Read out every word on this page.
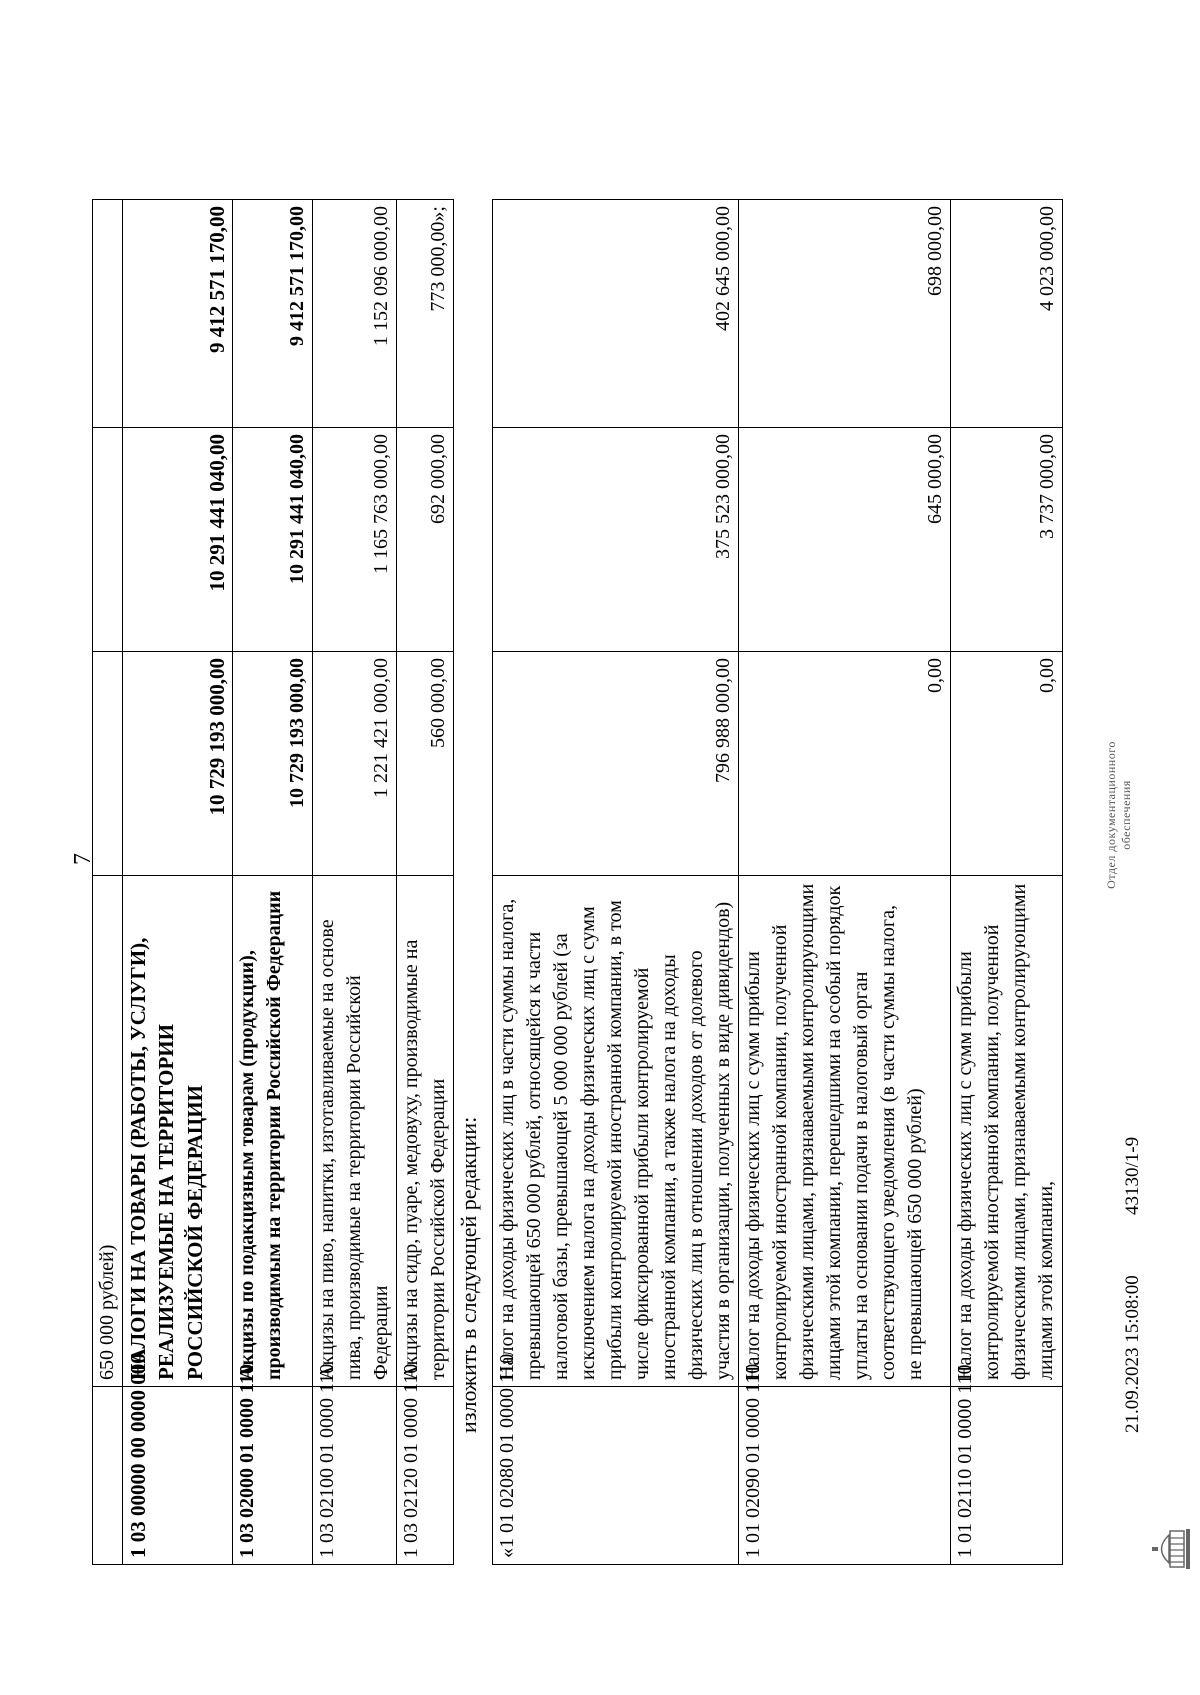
7
	650 000 рублей)			
1 03 00000 00 0000 000	НАЛОГИ НА ТОВАРЫ (РАБОТЫ, УСЛУГИ), РЕАЛИЗУЕМЫЕ НА ТЕРРИТОРИИ РОССИЙСКОЙ ФЕДЕРАЦИИ	10 729 193 000,00	10 291 441 040,00	9 412 571 170,00
1 03 02000 01 0000 110	Акцизы по подакцизным товарам (продукции), производимым на территории Российской Федерации	10 729 193 000,00	10 291 441 040,00	9 412 571 170,00
1 03 02100 01 0000 110	Акцизы на пиво, напитки, изготавливаемые на основе пива, производимые на территории Российской Федерации	1 221 421 000,00	1 165 763 000,00	1 152 096 000,00
1 03 02120 01 0000 110	Акцизы на сидр, пуаре, медовуху, производимые на территории Российской Федерации	560 000,00	692 000,00	773 000,00»;
изложить в следующей редакции:
«1 01 02080 01 0000 110	Налог на доходы физических лиц в части суммы налога, превышающей 650 000 рублей, относящейся к части налоговой базы, превышающей 5 000 000 рублей (за исключением налога на доходы физических лиц с сумм прибыли контролируемой иностранной компании, в том числе фиксированной прибыли контролируемой иностранной компании, а также налога на доходы физических лиц в отношении доходов от долевого участия в организации, полученных в виде дивидендов)	796 988 000,00	375 523 000,00	402 645 000,00
1 01 02090 01 0000 110	Налог на доходы физических лиц с сумм прибыли контролируемой иностранной компании, полученной физическими лицами, признаваемыми контролирующими лицами этой компании, перешедшими на особый порядок уплаты на основании подачи в налоговый орган соответствующего уведомления (в части суммы налога, не превышающей 650 000 рублей)	0,00	645 000,00	698 000,00
1 01 02110 01 0000 110	Налог на доходы физических лиц с сумм прибыли контролируемой иностранной компании, полученной физическими лицами, признаваемыми контролирующими лицами этой компании,	0,00	3 737 000,00	4 023 000,00
21.09.2023 15:08:00
43130/1-9
Отдел документационного обеспечения
